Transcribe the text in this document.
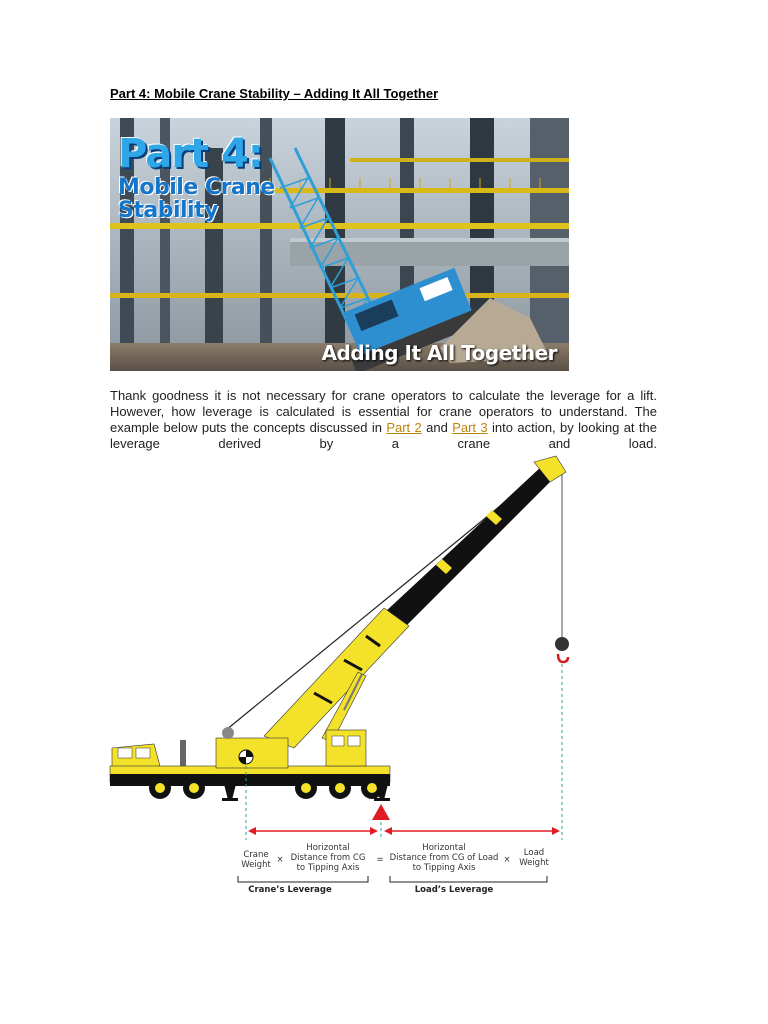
Part 4: Mobile Crane Stability – Adding It All Together
Part 4:
Mobile Crane
Stability
Adding It All Together
Thank goodness it is not necessary for crane operators to calculate the leverage for a lift. However, how leverage is calculated is essential for crane operators to understand. The example below puts the concepts discussed in Part 2 and Part 3 into action, by looking at the leverage derived by a crane and load.
Crane
Weight ×
Horizontal
Distance from CG
to Tipping Axis
=
Horizontal
Distance from CG of Load
to Tipping Axis
×
Load
Weight
Crane’s Leverage	Load’s Leverage
